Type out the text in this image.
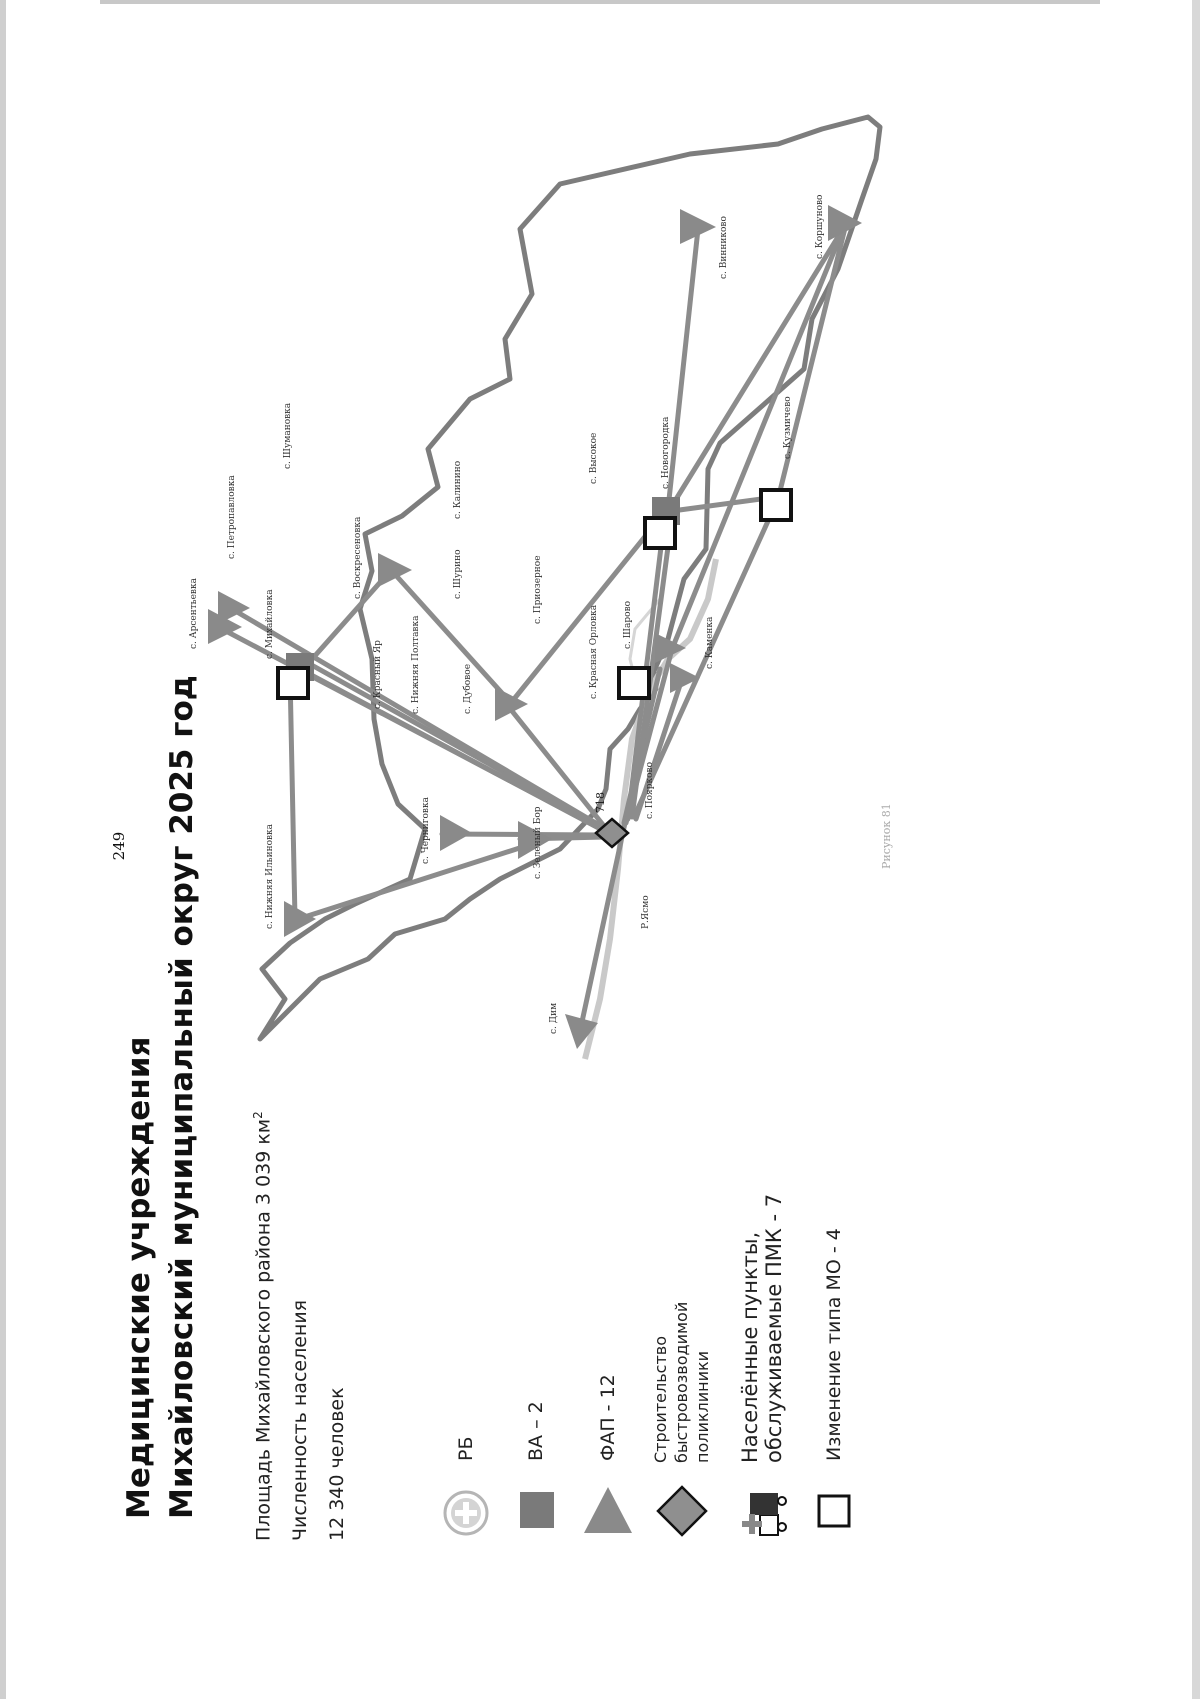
249
Медицинские учреждения Михайловский муниципальный округ 2025 год	Площадь Михайловского района 3 039 $км^2$
Численность населения 12 340 человек	РБ	ВА – 2	ФАП - 12 Строительство быстровозводимой поликлиники Населённые пункты, обслуживаемые ПМК - 7 Изменение типа МО - 4
718
с. Дим
с. Зеленый Бор
с. Черниговка
с. Нижняя Ильиновка
с. Красный Яр	с. Нижняя Полтавка	с. Дубовое
с. Шурино
с. Воскресеновка
с. Михайловка
с. Арсентьевка
с. Петропавловка
с. Шумановка
с. Калинино
с. Приозерное
с. Красная Орловка	с. Шарово
с. Высокое	с. Новогородка
с. Каменка
с. Поярково
с. Кузмичево
с. Винниково	с. Коршуново
Р.Ясмо
Рисунок 81
